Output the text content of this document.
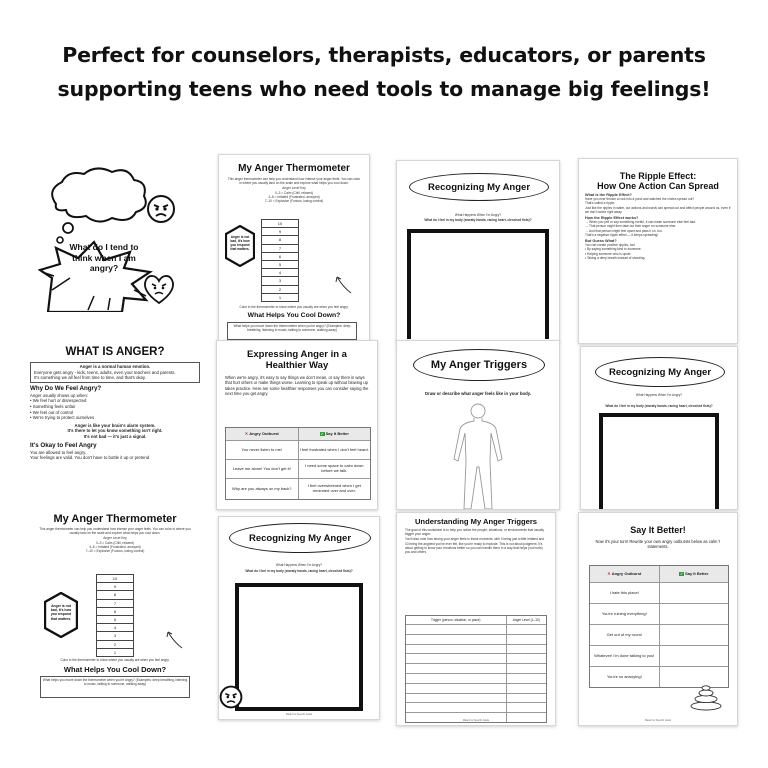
Perfect for counselors, therapists, educators, or parents
supporting teens who need tools to manage big feelings!
What do I tend to think when I am angry?
My Anger Thermometer
This anger thermometer can help you understand how intense your anger feels. You can color in where you usually land on the scale and explore what helps you cool down.
Anger Level Key
0–3 = Calm (Chill, relaxed)
4–6 = Irritated (Frustrated, annoyed)
7–10 = Explosive (Furious, losing control)
10
9
8
7
6
5
4
3
2
1
Anger is not bad, It's how you respond that matters.
Color in the thermometer to show where you usually are when you feel angry.
What Helps You Cool Down?
What helps you move down the thermometer when you're angry? (Examples: deep breathing, listening to music, talking to someone, walking away)
Recognizing My Anger
What Happens When I'm Angry?
What do I feel in my body (sweaty hands, racing heart, clenched fists)?
The Ripple Effect:
How One Action Can Spread
What is the Ripple Effect?
Have you ever thrown a rock into a pond and watched the circles spread out?
That's called a ripple.
Just like the ripples in water, our actions and words can spread out and affect people around us, even if we don't notice right away.
How the Ripple Effect works?
→ When you yell or say something hurtful, it can make someone else feel bad.
→ That person might then take out their anger on someone else.
→ And that person might feel upset and pass it on, too.
That's a negative ripple effect — it keeps spreading!
But Guess What?
You can create positive ripples, too!
• By saying something kind to someone.
• Helping someone who is upset.
• Taking a deep breath instead of shouting.
WHAT IS ANGER?
Anger is a normal human emotion.
Everyone gets angry - kids, teens, adults, even your teachers and parents.
It's something we all feel from time to time, and that's okay.
Why Do We Feel Angry?
Anger usually shows up when:
• We feel hurt or disrespected
• Something feels unfair
• We feel out of control
• We're trying to protect ourselves
Anger is like your brain's alarm system.
It's there to let you know something isn't right.
It's not bad — it's just a signal.
It's Okay to Feel Angry
You are allowed to feel angry.
Your feelings are valid. You don't have to bottle it up or pretend
Expressing Anger in a
Healthier Way
When we're angry, it's easy to say things we don't mean, or say them in ways that hurt others or make things worse. Learning to speak up without blowing up takes practice. Here are some healthier responses you can consider saying the next time you get angry.
✕ Angry Outburst	✓ Say It Better
You never listen to me!	I feel frustrated when I don't feel heard.
Leave me alone! You don't get it!	I need some space to calm down before we talk.
Why are you always on my back?	I feel overwhelmed when I get reminded over and over.
My Anger Triggers
Draw or describe what anger feels like in your body.
Recognizing My Anger
What Happens When I'm Angry?
What do I feel in my body (sweaty hands, racing heart, clenched fists)?
My Anger Thermometer
This anger thermometer can help you understand how intense your anger feels. You can color in where you usually land on the scale and explore what helps you cool down.
Anger Level Key
0–3 = Calm (Chill, relaxed)
4–6 = Irritated (Frustrated, annoyed)
7–10 = Explosive (Furious, losing control)
10
9
8
7
6
5
4
3
2
1
Anger is not bad, It's how you respond that matters.
Color in the thermometer to show where you usually are when you feel angry.
What Helps You Cool Down?
What helps you move down the thermometer when you're angry? (Examples: deep breathing, listening to music, talking to someone, walking away)
Recognizing My Anger
What Happens When I'm Angry?
What do I feel in my body (sweaty hands, racing heart, clenched fists)?
Made For Specific Goals
Understanding My Anger Triggers
The goal of this worksheet is to help you notice the people, situations, or environments that usually trigger your anger.
You'll also note how strong your anger feels in those moments, with 0 being just a little irritated and 10 being the angriest you've ever felt, like you're ready to explode. This is not about judgment. It's about getting to know your emotions better so you can handle them in a way that helps (not hurts) you and others.
Trigger (person, situation, or place)	Anger Level (1–10)
Made For Specific Goals
Say It Better!
Now it's your turn! Rewrite your own angry outbursts below as calm 'I statements.
✕ Angry Outburst	✓ Say It Better
I hate this place!
You're ruining everything!
Get out of my room!
Whatever! I'm done talking to you!
You're so annoying!
Made For Specific Goals
